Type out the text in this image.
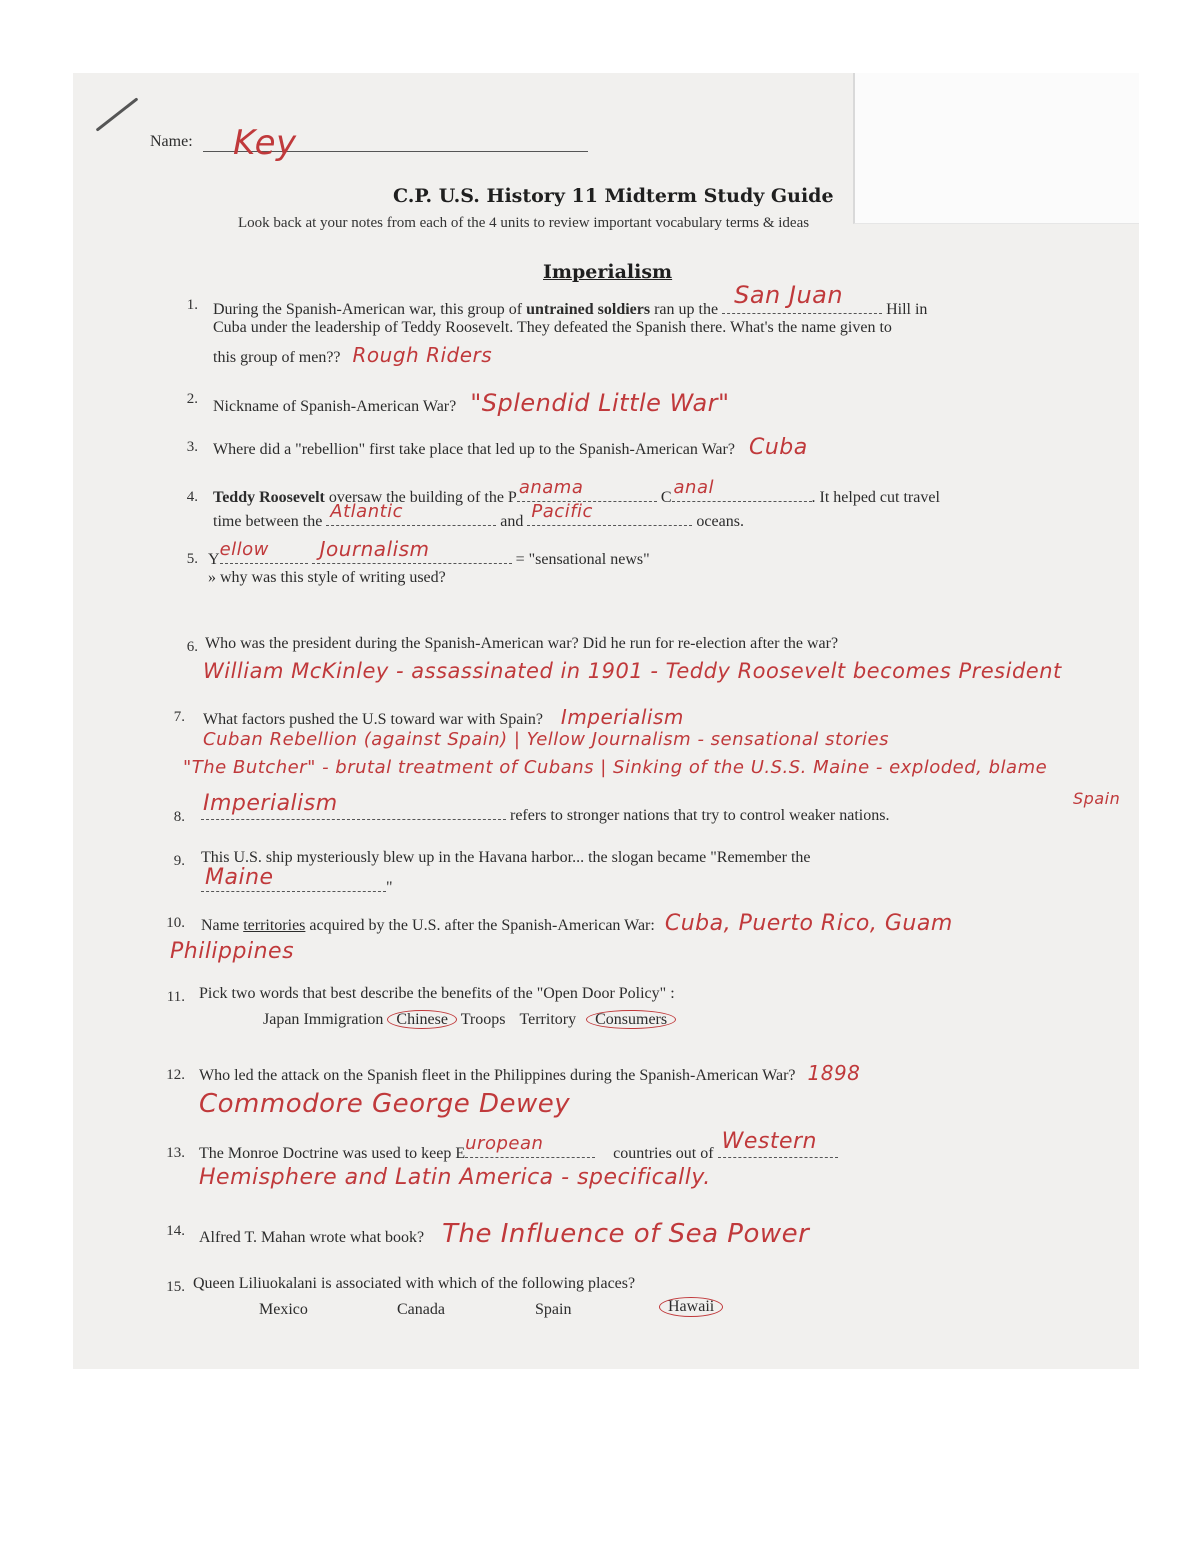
Name: Key
C.P. U.S. History 11 Midterm Study Guide
Look back at your notes from each of the 4 units to review important vocabulary terms & ideas
Imperialism
1. During the Spanish-American war, this group of untrained soldiers ran up the
San Juan
Hill in
Cuba under the leadership of Teddy Roosevelt. They defeated the Spanish there. What's the name given to
this group of men?? Rough Riders
2. Nickname of Spanish-American War? "Splendid Little War"
3. Where did a "rebellion" first take place that led up to the Spanish-American War? Cuba
4. Teddy Roosevelt oversaw the building of the P anama	C anal	. It helped cut travel
time between the Atlantic	and Pacific	oceans.
5. Y ellow
	Journalism	= "sensational news"
» why was this style of writing used?
6. Who was the president during the Spanish-American war? Did he run for re-election after the war?
William McKinley - assassinated in 1901 - Teddy Roosevelt becomes President
7. What factors pushed the U.S toward war with Spain? Imperialism
Cuban Rebellion (against Spain) | Yellow Journalism - sensational stories
"The Butcher" - brutal treatment of Cubans | Sinking of the U.S.S. Maine - exploded, blame
Spain
8.
Imperialism	refers to stronger nations that try to control weaker nations.
9. This U.S. ship mysteriously blew up in the Havana harbor... the slogan became "Remember the
Maine	"
10. Name territories acquired by the U.S. after the Spanish-American War: Cuba, Puerto Rico, Guam
Philippines
11. Pick two words that best describe the benefits of the "Open Door Policy" :
Japan Immigration Chinese Troops Territory Consumers
12. Who led the attack on the Spanish fleet in the Philippines during the Spanish-American War? 1898
Commodore George Dewey
13. The Monroe Doctrine was used to keep E uropean	countries out of Western
Hemisphere and Latin America - specifically.
14. Alfred T. Mahan wrote what book? The Influence of Sea Power
15. Queen Liliuokalani is associated with which of the following places?
Mexico	Canada	Spain	Hawaii
